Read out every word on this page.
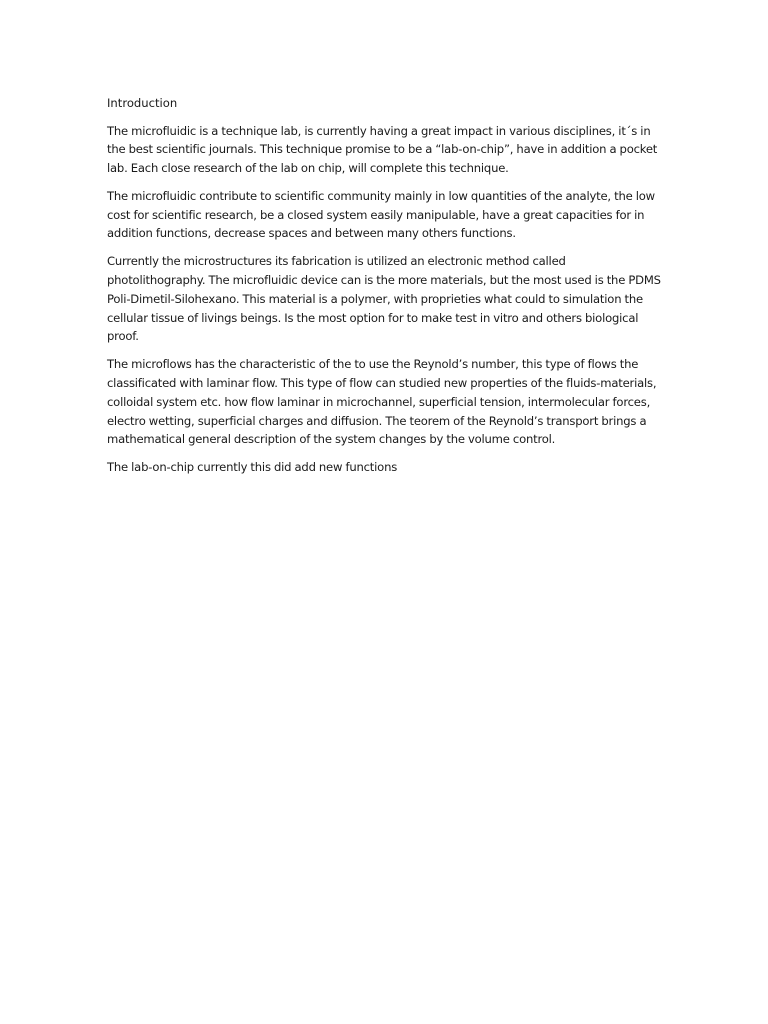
Introduction

The microfluidic is a technique lab, is currently having a great impact in various disciplines, it´s in the best scientific journals. This technique promise to be a “lab-on-chip”, have in addition a pocket lab. Each close research of the lab on chip, will complete this technique.

The microfluidic contribute to scientific community mainly in low quantities of the analyte, the low cost for scientific research, be a closed system easily manipulable, have a great capacities for in addition functions, decrease spaces and between many others functions.

Currently the microstructures its fabrication is utilized an electronic method called photolithography. The microfluidic device can is the more materials, but the most used is the PDMS Poli-Dimetil-Silohexano. This material is a polymer, with proprieties what could to simulation the cellular tissue of livings beings. Is the most option for to make test in vitro and others biological proof.

The microflows has the characteristic of the to use the Reynold’s number, this type of flows the classificated with laminar flow. This type of flow can studied new properties of the fluids-materials, colloidal system etc. how flow laminar in microchannel, superficial tension, intermolecular forces, electro wetting, superficial charges and diffusion. The teorem of the Reynold’s transport brings a mathematical general description of the system changes by the volume control.

The lab-on-chip currently this did add new functions
